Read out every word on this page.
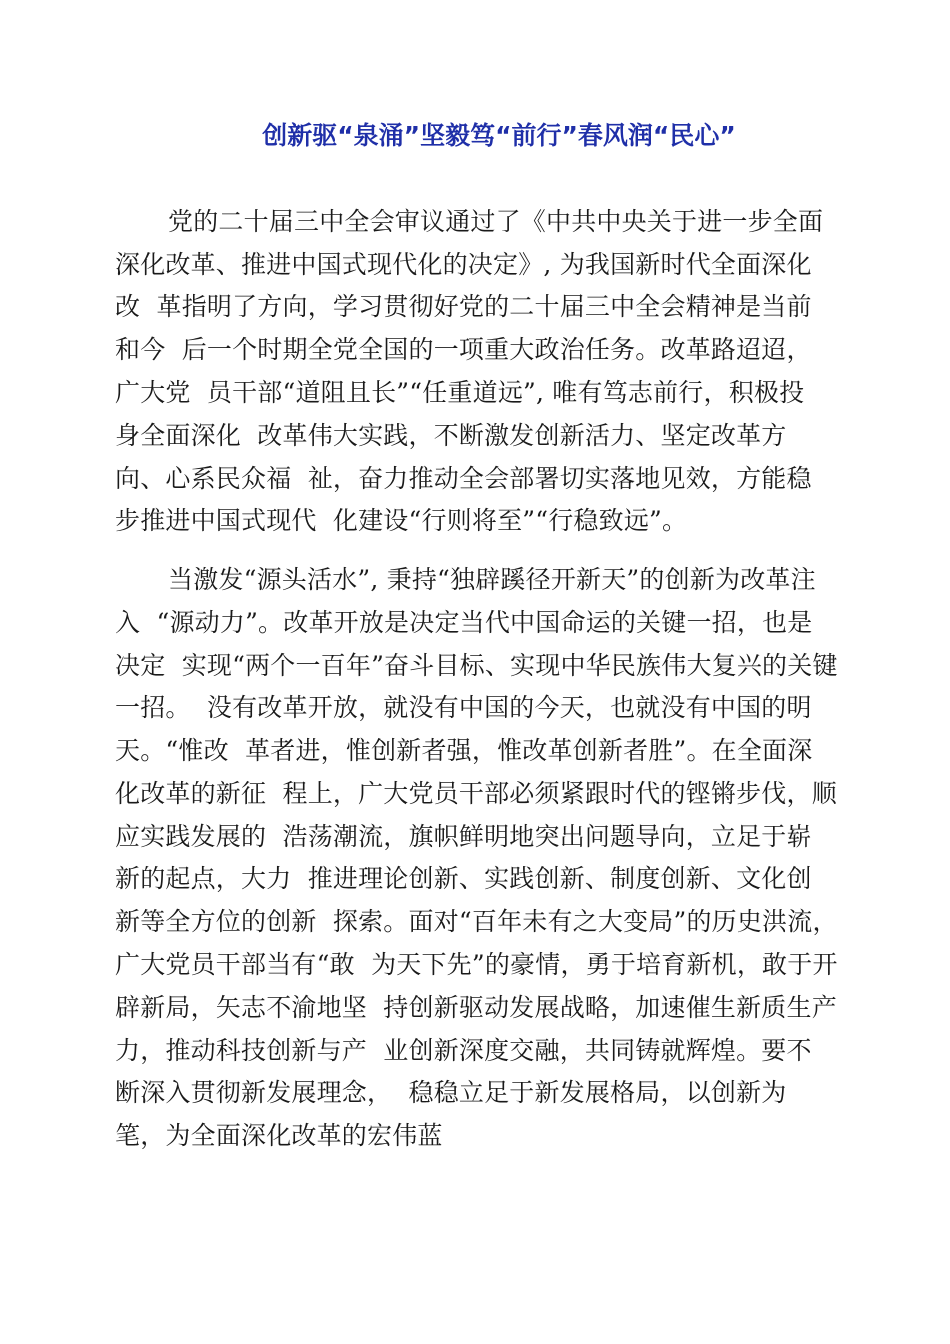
创新驱“泉涌”坚毅笃“前行”春风润“民心”
党的二十届三中全会审议通过了《中共中央关于进一步全面
深化改革、推进中国式现代化的决定》, 为我国新时代全面深化
改  革指明了方向，学习贯彻好党的二十届三中全会精神是当前
和今  后一个时期全党全国的一项重大政治任务。改革路迢迢，
广大党  员干部“道阻且长”“任重道远”, 唯有笃志前行，积极投
身全面深化  改革伟大实践，不断激发创新活力、坚定改革方
向、心系民众福  祉，奋力推动全会部署切实落地见效，方能稳
步推进中国式现代  化建设“行则将至”“行稳致远”。
当激发“源头活水”, 秉持“独辟蹊径开新天”的创新为改革注
入  “源动力”。改革开放是决定当代中国命运的关键一招，也是
决定  实现“两个一百年”奋斗目标、实现中华民族伟大复兴的关键
一招。  没有改革开放，就没有中国的今天，也就没有中国的明
天。“惟改  革者进，惟创新者强，惟改革创新者胜”。在全面深
化改革的新征  程上，广大党员干部必须紧跟时代的铿锵步伐，顺
应实践发展的  浩荡潮流，旗帜鲜明地突出问题导向，立足于崭
新的起点，大力  推进理论创新、实践创新、制度创新、文化创
新等全方位的创新  探索。面对“百年未有之大变局”的历史洪流，
广大党员干部当有“敢  为天下先”的豪情，勇于培育新机，敢于开
辟新局，矢志不渝地坚  持创新驱动发展战略，加速催生新质生产
力，推动科技创新与产  业创新深度交融，共同铸就辉煌。要不
断深入贯彻新发展理念，  稳稳立足于新发展格局，以创新为
笔，为全面深化改革的宏伟蓝
